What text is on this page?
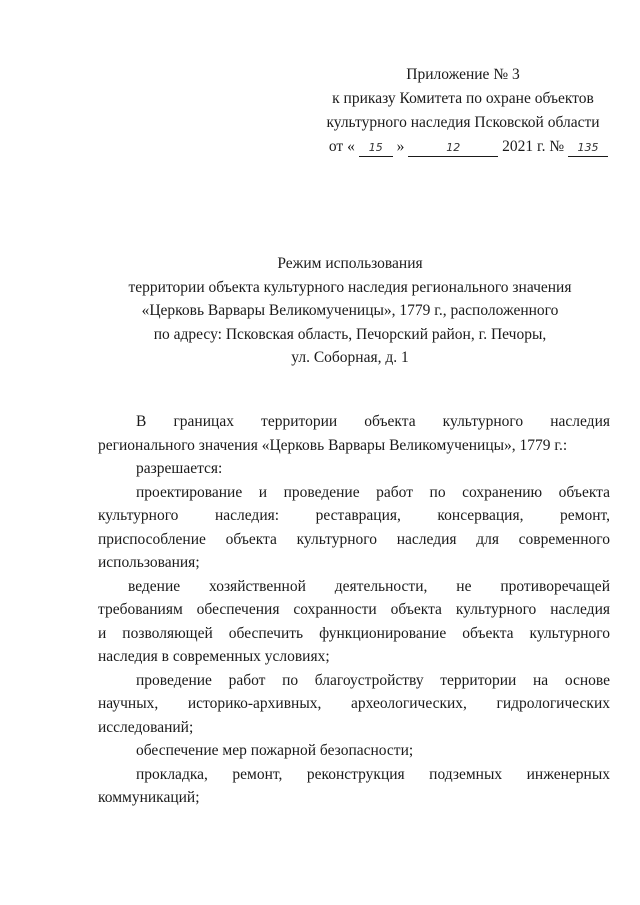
Приложение № 3
к приказу Комитета по охране объектов
культурного наследия Псковской области
от « 15 »	12	2021 г. № 135
Режим использования
территории объекта культурного наследия регионального значения
«Церковь Варвары Великомученицы», 1779 г., расположенного
по адресу: Псковская область, Печорский район, г. Печоры,
ул. Соборная, д. 1
В границах территории объекта культурного наследия
регионального значения «Церковь Варвары Великомученицы», 1779 г.:
разрешается:
проектирование и проведение работ по сохранению объекта
культурного наследия: реставрация, консервация, ремонт,
приспособление объекта культурного наследия для современного
использования;
ведение хозяйственной деятельности, не противоречащей
требованиям обеспечения сохранности объекта культурного наследия
и позволяющей обеспечить функционирование объекта культурного
наследия в современных условиях;
проведение работ по благоустройству территории на основе
научных, историко-архивных, археологических, гидрологических
исследований;
обеспечение мер пожарной безопасности;
прокладка, ремонт, реконструкция подземных инженерных
коммуникаций;
